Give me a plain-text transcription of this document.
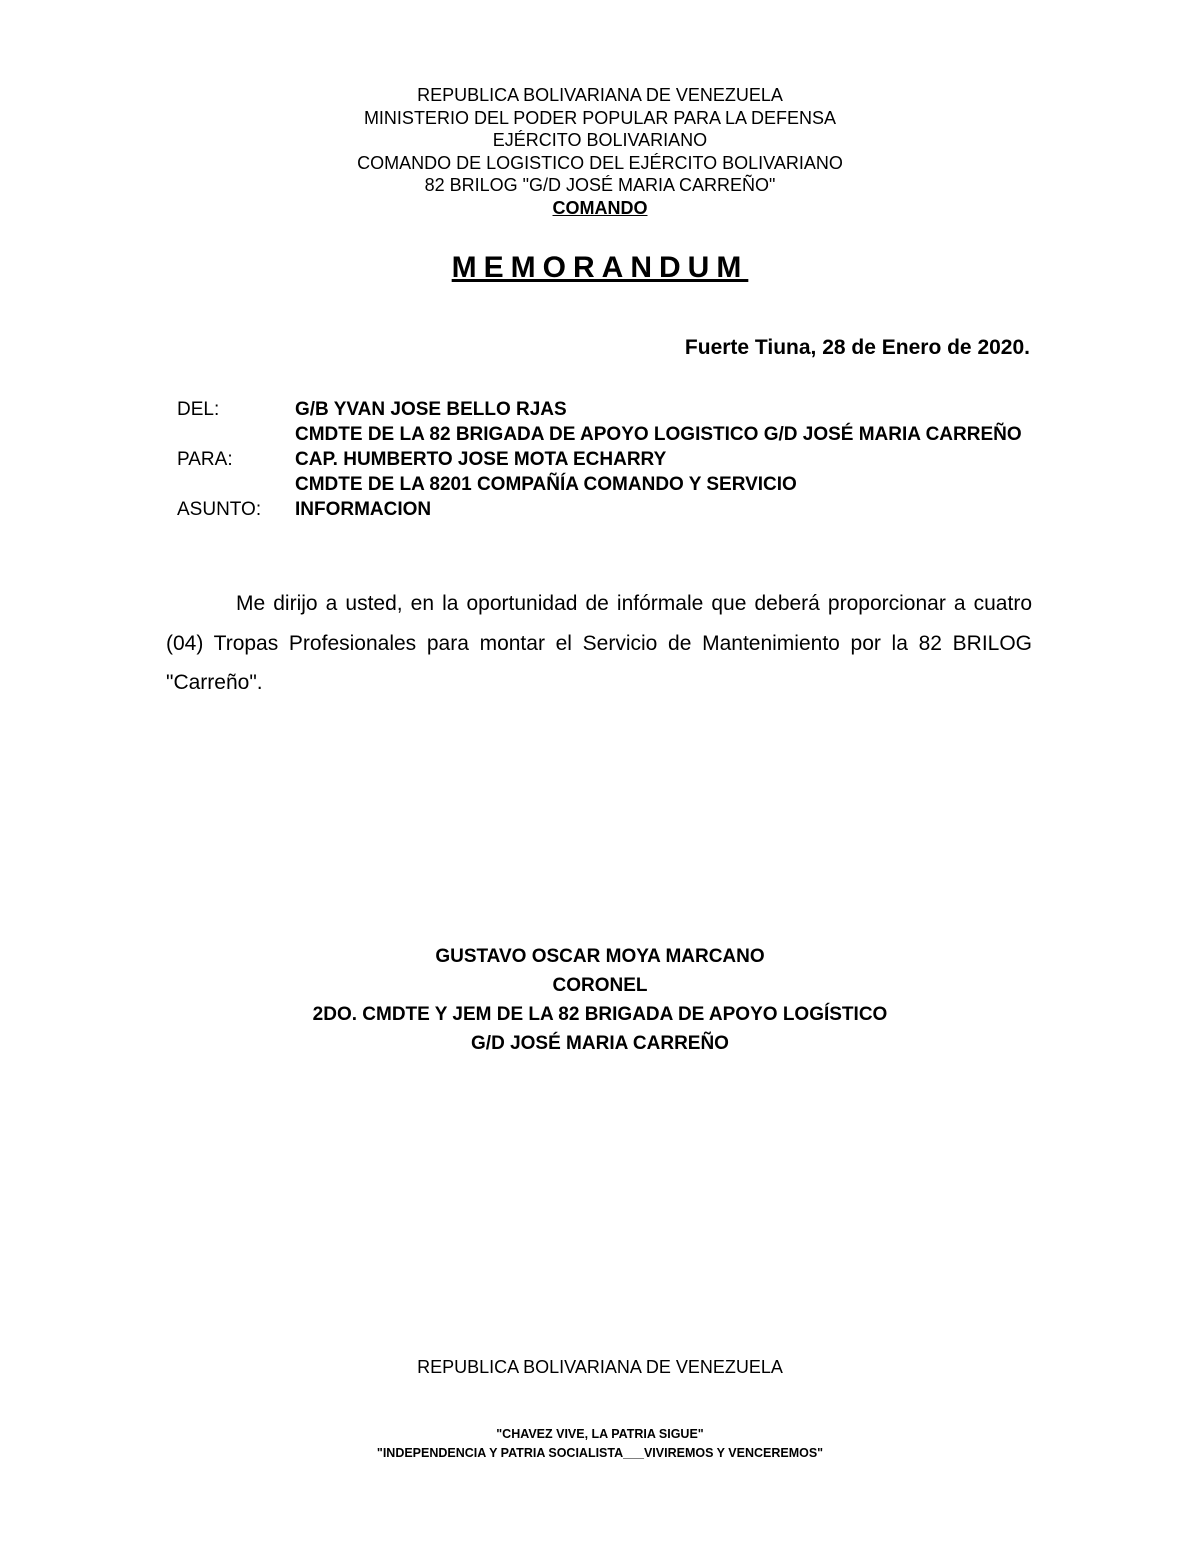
REPUBLICA BOLIVARIANA DE VENEZUELA
MINISTERIO DEL PODER POPULAR PARA LA DEFENSA
EJÉRCITO BOLIVARIANO
COMANDO DE LOGISTICO DEL EJÉRCITO BOLIVARIANO
82 BRILOG "G/D JOSÉ MARIA CARREÑO"
COMANDO
MEMORANDUM
Fuerte Tiuna, 28 de Enero de 2020.
DEL:	G/B YVAN JOSE BELLO RJAS
CMDTE DE LA 82 BRIGADA DE APOYO LOGISTICO G/D JOSÉ MARIA CARREÑO
PARA:	CAP. HUMBERTO JOSE MOTA ECHARRY
CMDTE DE LA 8201 COMPAÑÍA COMANDO Y SERVICIO
ASUNTO:	INFORMACION
Me dirijo a usted, en la oportunidad de infórmale que deberá proporcionar a cuatro (04) Tropas Profesionales para montar el Servicio de Mantenimiento por la 82 BRILOG "Carreño".
GUSTAVO OSCAR MOYA MARCANO
CORONEL
2DO. CMDTE Y JEM DE LA 82 BRIGADA DE APOYO LOGÍSTICO
G/D JOSÉ MARIA CARREÑO
REPUBLICA BOLIVARIANA DE VENEZUELA
"CHAVEZ VIVE, LA PATRIA SIGUE"
"INDEPENDENCIA Y PATRIA SOCIALISTA___VIVIREMOS Y VENCEREMOS"
